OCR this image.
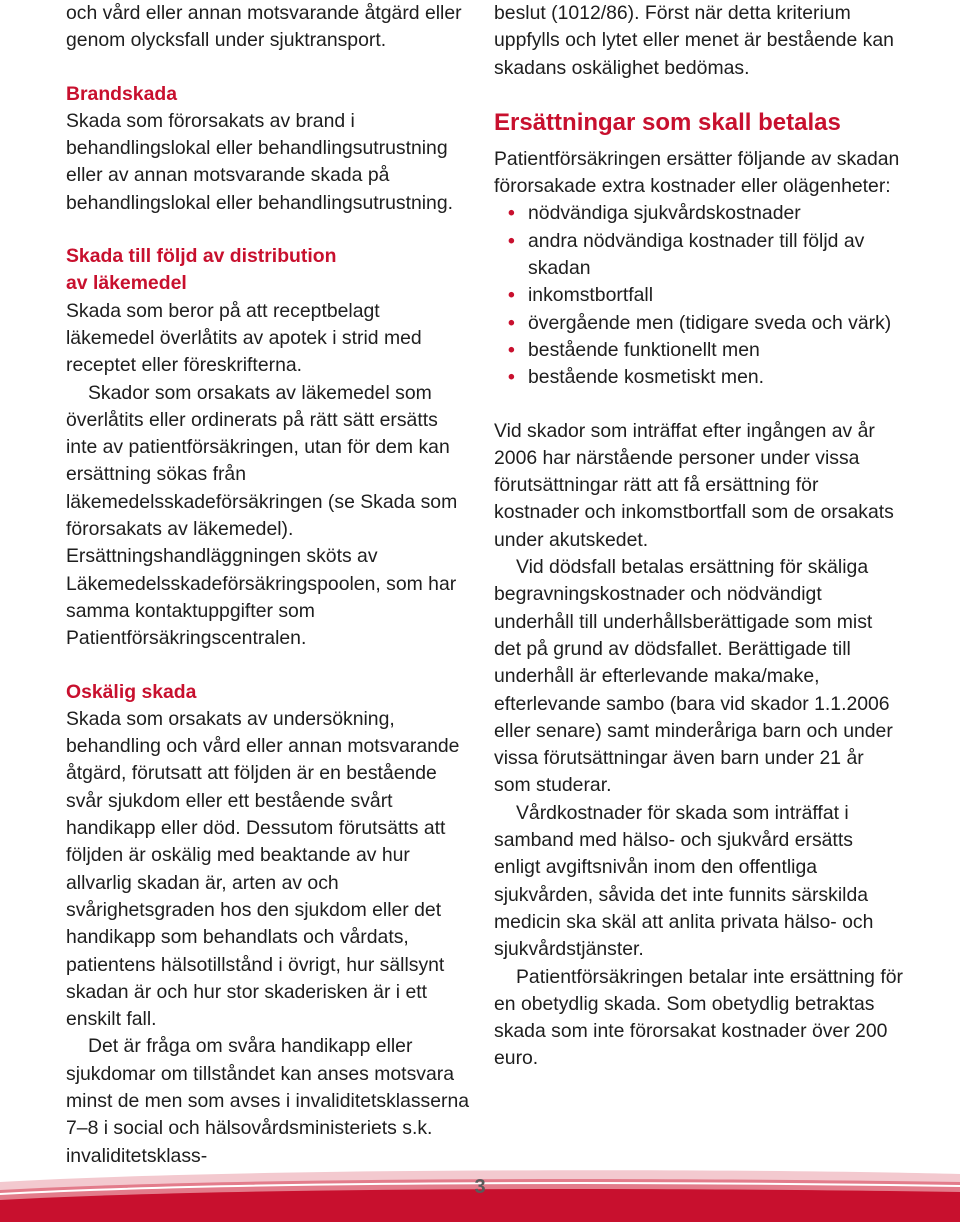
och vård eller annan motsvarande åtgärd eller genom olycksfall under sjuktransport.

Brandskada

Skada som förorsakats av brand i behandlingslokal eller behandlingsutrustning eller av annan motsvarande skada på behandlingslokal eller behandlingsutrustning.

Skada till följd av distribution
av läkemedel

Skada som beror på att receptbelagt läkemedel överlåtits av apotek i strid med receptet eller föreskrifterna.

Skador som orsakats av läkemedel som överlåtits eller ordinerats på rätt sätt ersätts inte av patientförsäkringen, utan för dem kan ersättning sökas från läkemedelsskadeförsäkringen (se Skada som förorsakats av läkemedel). Ersättningshandläggningen sköts av Läkemedelsskadeförsäkringspoolen, som har samma kontaktuppgifter som Patientförsäkringscentralen.

Oskälig skada

Skada som orsakats av undersökning, behandling och vård eller annan motsvarande åtgärd, förutsatt att följden är en bestående svår sjukdom eller ett bestående svårt handikapp eller död. Dessutom förutsätts att följden är oskälig med beaktande av hur allvarlig skadan är, arten av och svårighetsgraden hos den sjukdom eller det handikapp som behandlats och vårdats, patientens hälsotillstånd i övrigt, hur sällsynt skadan är och hur stor skaderisken är i ett enskilt fall.

Det är fråga om svåra handikapp eller sjukdomar om tillståndet kan anses motsvara minst de men som avses i invaliditetsklasserna 7–8 i social och hälsovårdsministeriets s.k. invaliditetsklass-

beslut (1012/86). Först när detta kriterium uppfylls och lytet eller menet är bestående kan skadans oskälighet bedömas.

Ersättningar som skall betalas

Patientförsäkringen ersätter följande av skadan förorsakade extra kostnader eller olägenheter:

• nödvändiga sjukvårdskostnader
• andra nödvändiga kostnader till följd av skadan
• inkomstbortfall
• övergående men (tidigare sveda och värk)
• bestående funktionellt men
• bestående kosmetiskt men.

Vid skador som inträffat efter ingången av år 2006 har närstående personer under vissa förutsättningar rätt att få ersättning för kostnader och inkomstbortfall som de orsakats under akutskedet.

Vid dödsfall betalas ersättning för skäliga begravningskostnader och nödvändigt underhåll till underhållsberättigade som mist det på grund av dödsfallet. Berättigade till underhåll är efterlevande maka/make, efterlevande sambo (bara vid skador 1.1.2006 eller senare) samt minderåriga barn och under vissa förutsättningar även barn under 21 år som studerar.

Vårdkostnader för skada som inträffat i samband med hälso- och sjukvård ersätts enligt avgiftsnivån inom den offentliga sjukvården, såvida det inte funnits särskilda medicin ska skäl att anlita privata hälso- och sjukvårdstjänster.

Patientförsäkringen betalar inte ersättning för en obetydlig skada. Som obetydlig betraktas skada som inte förorsakat kostnader över 200 euro.

3
